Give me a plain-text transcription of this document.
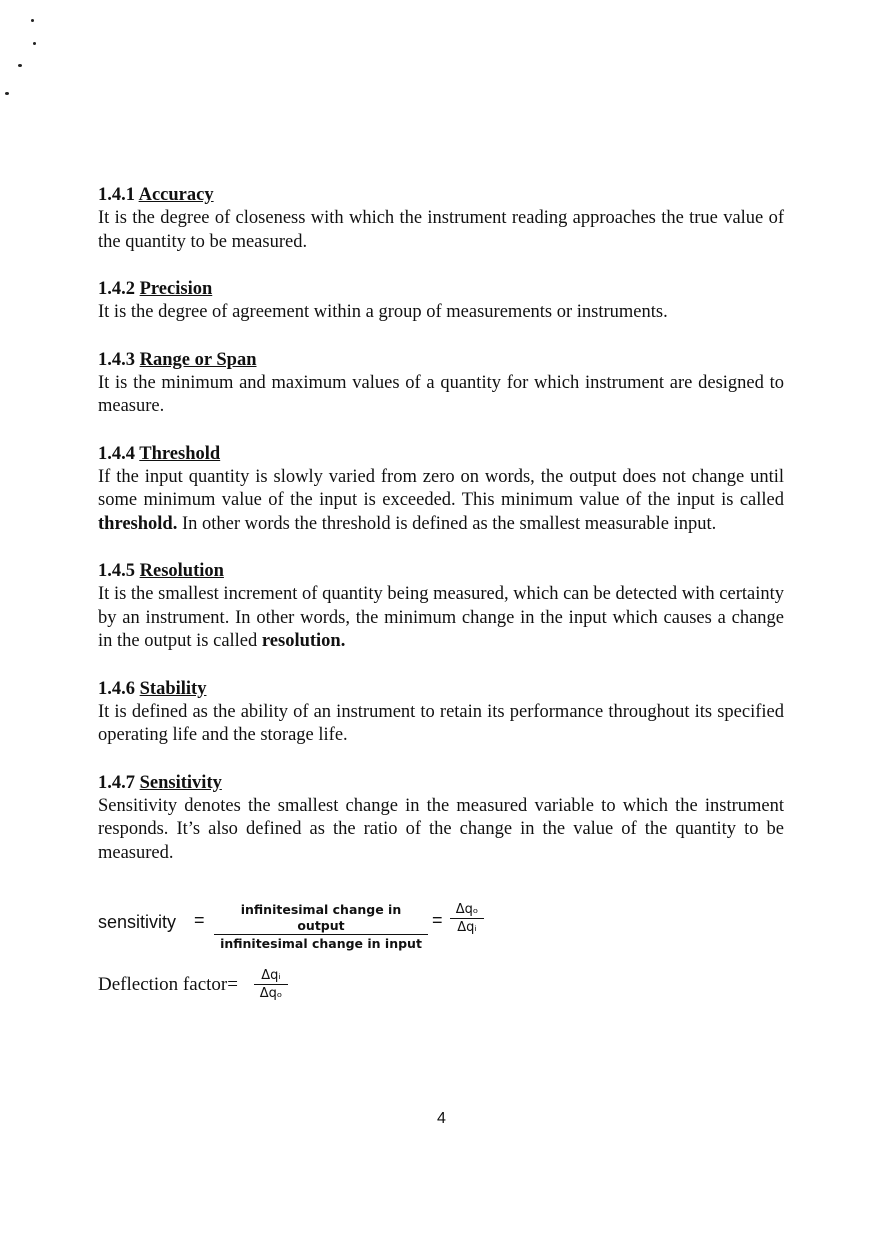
1.4.1 Accuracy
It is the degree of closeness with which the instrument reading approaches the true value of the quantity to be measured.
1.4.2 Precision
It is the degree of agreement within a group of measurements or instruments.
1.4.3 Range or Span
It is the minimum and maximum values of a quantity for which instrument are designed to measure.
1.4.4 Threshold
If the input quantity is slowly varied from zero on words, the output does not change until some minimum value of the input is exceeded. This minimum value of the input is called threshold. In other words the threshold is defined as the smallest measurable input.
1.4.5 Resolution
It is the smallest increment of quantity being measured, which can be detected with certainty by an instrument. In other words, the minimum change in the input which causes a change in the output is called resolution.
1.4.6 Stability
It is defined as the ability of an instrument to retain its performance throughout its specified operating life and the storage life.
1.4.7 Sensitivity
Sensitivity denotes the smallest change in the measured variable to which the instrument responds. It’s also defined as the ratio of the change in the value of the quantity to be measured.
sensitivity =
infinitesimal change in output
infinitesimal change in input
=
Δqₒ
Δqᵢ
Deflection factor=	Δqᵢ
Δqₒ
4
